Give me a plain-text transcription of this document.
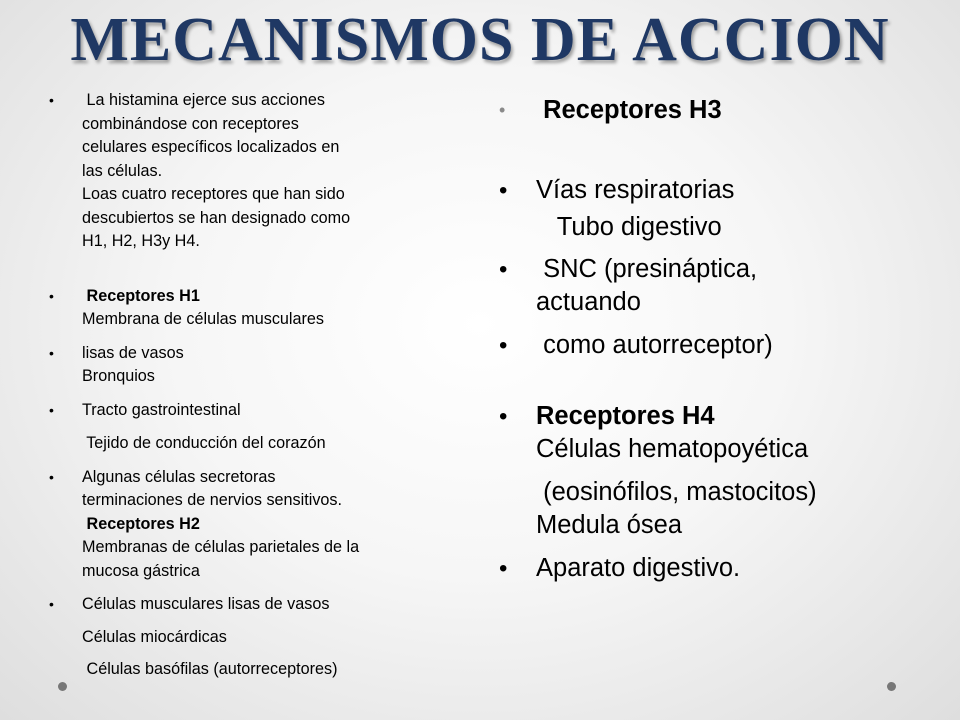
MECANISMOS DE ACCION
• La histamina ejerce sus acciones
combinándose con receptores
celulares específicos localizados en
las células.
Loas cuatro receptores que han sido
descubiertos se han designado como
H1, H2, H3y H4.
• Receptores H1
Membrana de células musculares
• lisas de vasos
Bronquios
• Tracto gastrointestinal
Tejido de conducción del corazón
• Algunas células secretoras
terminaciones de nervios sensitivos.
Receptores H2
Membranas de células parietales de la
mucosa gástrica
• Células musculares lisas de vasos
Células miocárdicas
Células basófilas (autorreceptores)
• Receptores H3
• Vías respiratorias
Tubo digestivo
• SNC (presináptica,
actuando
• como autorreceptor)
• Receptores H4
Células hematopoyética
(eosinófilos, mastocitos)
Medula ósea
• Aparato digestivo.
